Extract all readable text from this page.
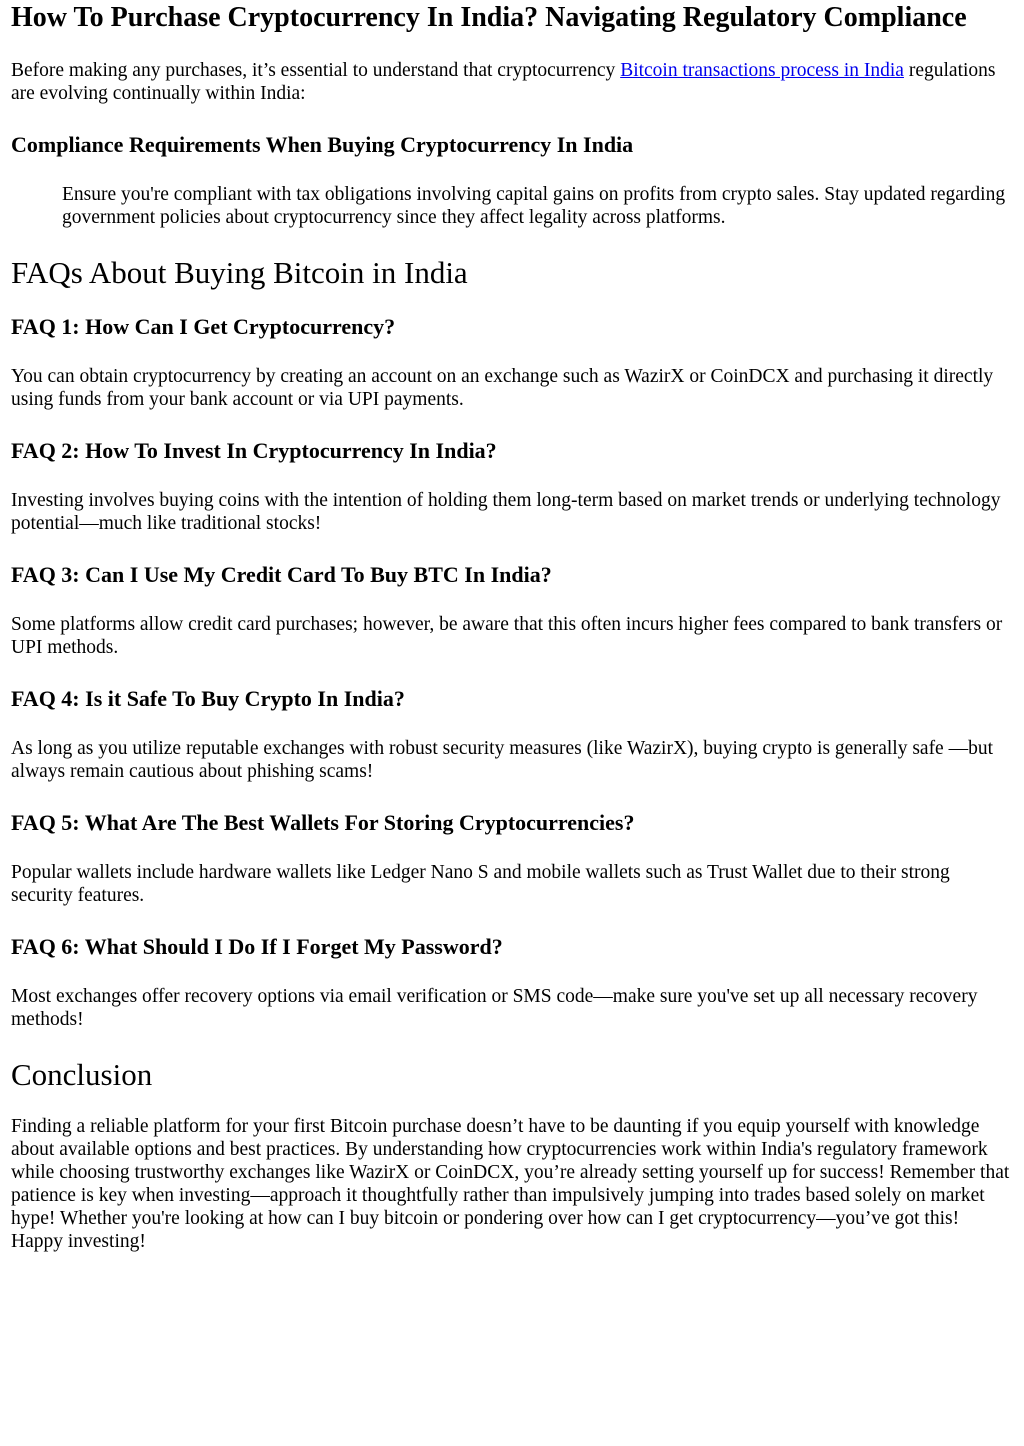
How To Purchase Cryptocurrency In India? Navigating Regulatory Compliance

Before making any purchases, it’s essential to understand that cryptocurrency Bitcoin transactions process in India regulations are evolving continually within India:

Compliance Requirements When Buying Cryptocurrency In India
Ensure you're compliant with tax obligations involving capital gains on profits from crypto sales. Stay updated regarding government policies about cryptocurrency since they affect legality across platforms.
FAQs About Buying Bitcoin in India
FAQ 1: How Can I Get Cryptocurrency?

You can obtain cryptocurrency by creating an account on an exchange such as WazirX or CoinDCX and purchasing it directly using funds from your bank account or via UPI payments.

FAQ 2: How To Invest In Cryptocurrency In India?

Investing involves buying coins with the intention of holding them long-term based on market trends or underlying technology potential—much like traditional stocks!

FAQ 3: Can I Use My Credit Card To Buy BTC In India?

Some platforms allow credit card purchases; however, be aware that this often incurs higher fees compared to bank transfers or UPI methods.

FAQ 4: Is it Safe To Buy Crypto In India?

As long as you utilize reputable exchanges with robust security measures (like WazirX), buying crypto is generally safe —but always remain cautious about phishing scams!

FAQ 5: What Are The Best Wallets For Storing Cryptocurrencies?

Popular wallets include hardware wallets like Ledger Nano S and mobile wallets such as Trust Wallet due to their strong security features.

FAQ 6: What Should I Do If I Forget My Password?

Most exchanges offer recovery options via email verification or SMS code—make sure you've set up all necessary recovery methods!

Conclusion

Finding a reliable platform for your first Bitcoin purchase doesn’t have to be daunting if you equip yourself with knowledge about available options and best practices. By understanding how cryptocurrencies work within India's regulatory framework while choosing trustworthy exchanges like WazirX or CoinDCX, you’re already setting yourself up for success! Remember that patience is key when investing—approach it thoughtfully rather than impulsively jumping into trades based solely on market hype! Whether you're looking at how can I buy bitcoin or pondering over how can I get cryptocurrency—you’ve got this! Happy investing!
